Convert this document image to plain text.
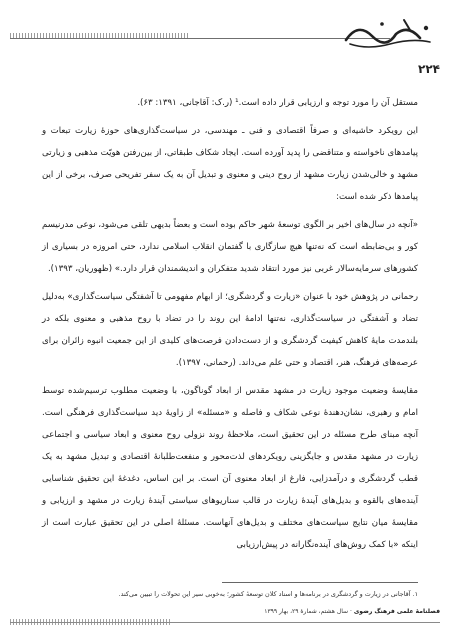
۲۲۴

مستقل آن را مورد توجه و ارزیابی قرار داده است.¹ (ر.ک: آقاجانی، ۱۳۹۱: ۶۳).

این رویکرد حاشیه‌ای و صرفاً اقتصادی و فنی ـ مهندسی، در سیاست‌گذاری‌های حوزهٔ زیارت تبعات و پیامدهای ناخواسته و متناقضی را پدید آورده است. ایجاد شکاف طبقاتی، از بین‌رفتن هویّت مذهبی و زیارتی مشهد و خالی‌شدن زیارت مشهد از روح دینی و معنوی و تبدیل آن به یک سفر تفریحی صرف، برخی از این پیامدها ذکر شده است:

«آنچه در سال‌های اخیر بر الگوی توسعهٔ شهر حاکم بوده است و بعضاً بدیهی تلقی می‌شود، نوعی مدرنیسم کور و بی‌ضابطه است که نه‌تنها هیچ سازگاری با گفتمان انقلاب اسلامی ندارد، حتی امروزه در بسیاری از کشورهای سرمایه‌سالار غربی نیز مورد انتقاد شدید متفکران و اندیشمندان قرار دارد.» (ظهوریان، ۱۳۹۳).

رحمانی در پژوهش خود با عنوان «زیارت و گردشگری؛ از ابهام مفهومی تا آشفتگی سیاست‌گذاری» به‌دلیل تضاد و آشفتگی در سیاست‌گذاری، نه‌تنها ادامهٔ این روند را در تضاد با روح مذهبی و معنوی بلکه در بلندمدت مایهٔ کاهش کیفیت گردشگری و از دست‌دادن فرصت‌های کلیدی از این جمعیت انبوه زائران برای عرصه‌های فرهنگ، هنر، اقتصاد و حتی علم می‌داند. (رحمانی، ۱۳۹۷).

مقایسهٔ وضعیت موجود زیارت در مشهد مقدس از ابعاد گوناگون، با وضعیت مطلوب ترسیم‌شده توسط امام و رهبری، نشان‌دهندهٔ نوعی شکاف و فاصله و «مسئله» از زاویهٔ دید سیاست‌گذاری فرهنگی است. آنچه مبنای طرح مسئله در این تحقیق است، ملاحظهٔ روند نزولی روح معنوی و ابعاد سیاسی و اجتماعی زیارت در مشهد مقدس و جایگزینی رویکردهای لذت‌محور و منفعت‌طلبانهٔ اقتصادی و تبدیل مشهد به یک قطب گردشگری و درآمدزایی، فارغ از ابعاد معنوی آن است. بر این اساس، دغدغهٔ این تحقیق شناسایی آینده‌های بالقوه و بدیل‌های آیندهٔ زیارت در قالب سناریوهای سیاستی آیندهٔ زیارت در مشهد و ارزیابی و مقایسهٔ میان نتایج سیاست‌های مختلف و بدیل‌های آنهاست. مسئلهٔ اصلی در این تحقیق عبارت است از اینکه «با کمک روش‌های آینده‌نگارانه در پیش‌ارزیابی

۱. آقاجانی در زیارت و گردشگری در برنامه‌ها و اسناد کلان توسعهٔ کشور؛ به‌خوبی سیر این تحولات را تبیین می‌کند.
فصلنامهٔ علمی فرهنگ رضوی · سال هشتم، شمارهٔ ۲۹، بهار ۱۳۹۹
